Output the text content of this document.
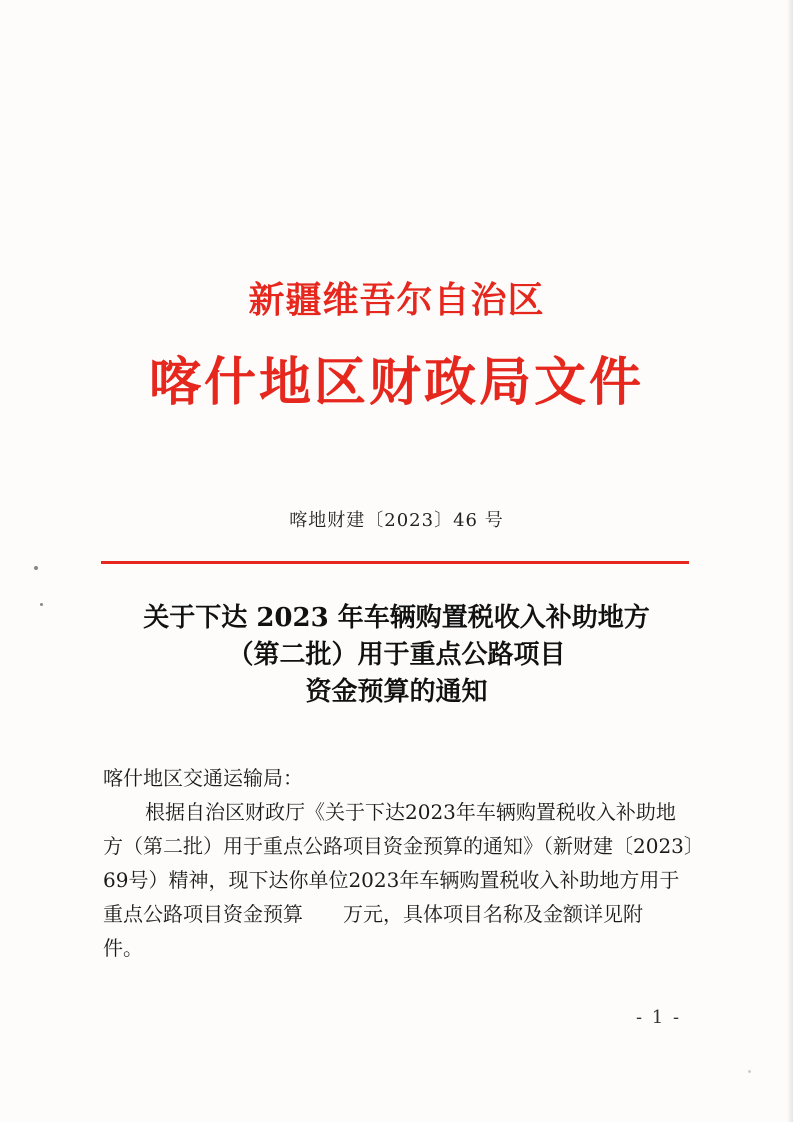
新疆维吾尔自治区
喀什地区财政局文件
喀地财建〔2023〕46 号
关于下达 2023 年车辆购置税收入补助地方
（第二批）用于重点公路项目
资金预算的通知
喀什地区交通运输局：

根据自治区财政厅《关于下达2023年车辆购置税收入补助地

方（第二批）用于重点公路项目资金预算的通知》（新财建〔2023〕

69号）精神，现下达你单位2023年车辆购置税收入补助地方用于

重点公路项目资金预算　　万元，具体项目名称及金额详见附

件。

- 1 -
